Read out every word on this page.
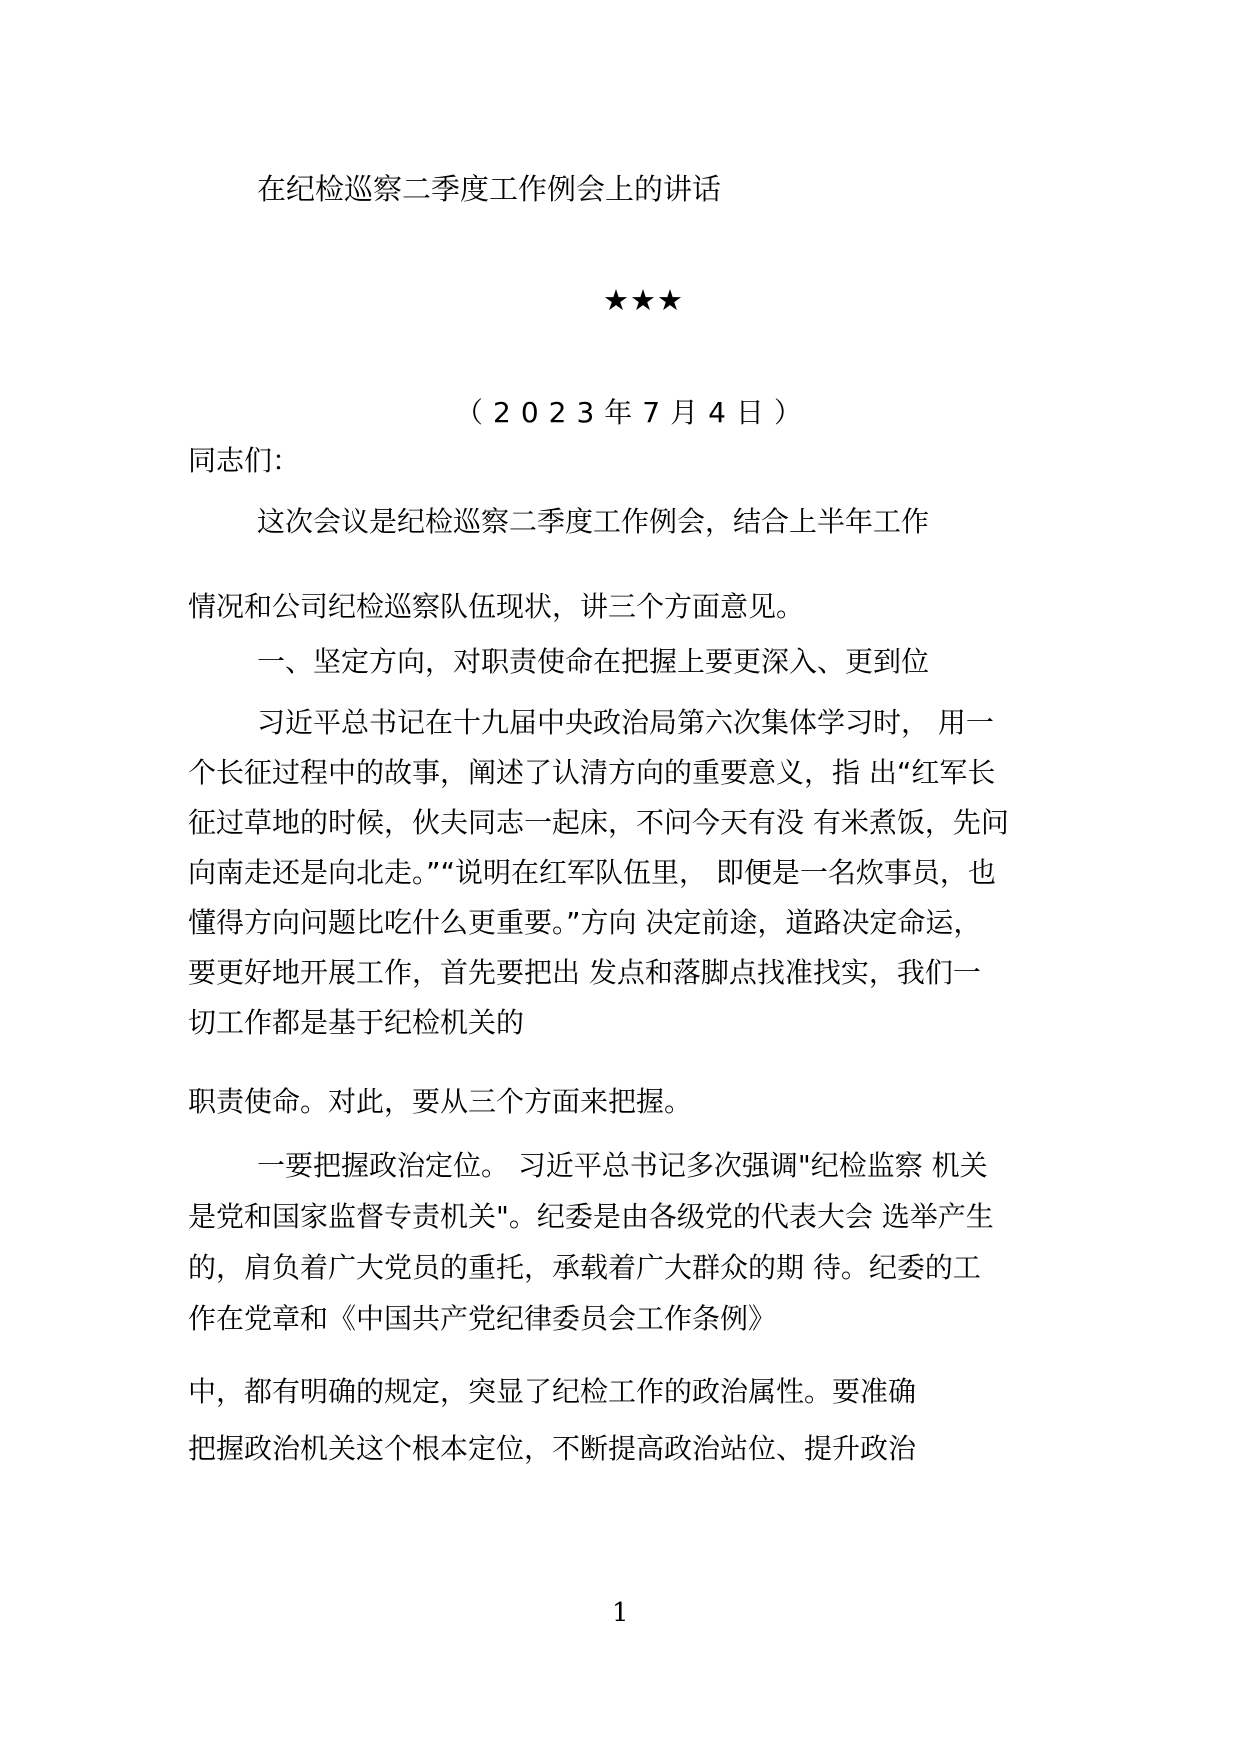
在纪检巡察二季度工作例会上的讲话
★★★
（2023年7月4日）
同志们：
这次会议是纪检巡察二季度工作例会，结合上半年工作
情况和公司纪检巡察队伍现状，讲三个方面意见。
一、坚定方向，对职责使命在把握上要更深入、更到位
习近平总书记在十九届中央政治局第六次集体学习时， 用一
个长征过程中的故事，阐述了认清方向的重要意义，指 出“红军长
征过草地的时候，伙夫同志一起床，不问今天有没 有米煮饭，先问
向南走还是向北走。”“说明在红军队伍里， 即便是一名炊事员，也
懂得方向问题比吃什么更重要。”方向 决定前途，道路决定命运，
要更好地开展工作，首先要把出 发点和落脚点找准找实，我们一
切工作都是基于纪检机关的
职责使命。对此，要从三个方面来把握。
一要把握政治定位。 习近平总书记多次强调"纪检监察 机关
是党和国家监督专责机关"。纪委是由各级党的代表大会 选举产生
的，肩负着广大党员的重托，承载着广大群众的期 待。纪委的工
作在党章和《中国共产党纪律委员会工作条例》
中，都有明确的规定，突显了纪检工作的政治属性。要准确
把握政治机关这个根本定位，不断提高政治站位、提升政治
1
